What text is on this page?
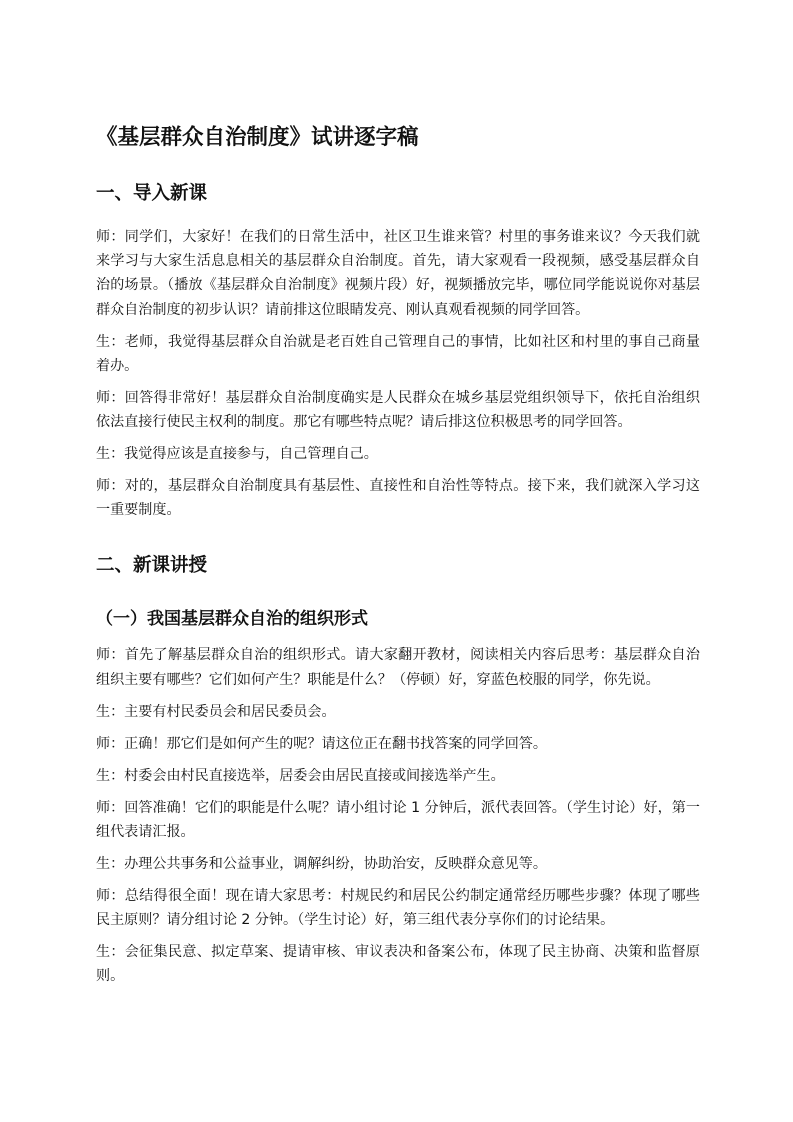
《基层群众自治制度》试讲逐字稿
一、导入新课
师：同学们，大家好！在我们的日常生活中，社区卫生谁来管？村里的事务谁来议？今天我们就来学习与大家生活息息相关的基层群众自治制度。首先，请大家观看一段视频，感受基层群众自治的场景。（播放《基层群众自治制度》视频片段）好，视频播放完毕，哪位同学能说说你对基层群众自治制度的初步认识？请前排这位眼睛发亮、刚认真观看视频的同学回答。
生：老师，我觉得基层群众自治就是老百姓自己管理自己的事情，比如社区和村里的事自己商量着办。
师：回答得非常好！基层群众自治制度确实是人民群众在城乡基层党组织领导下，依托自治组织依法直接行使民主权利的制度。那它有哪些特点呢？请后排这位积极思考的同学回答。
生：我觉得应该是直接参与，自己管理自己。
师：对的，基层群众自治制度具有基层性、直接性和自治性等特点。接下来，我们就深入学习这一重要制度。
二、新课讲授
（一）我国基层群众自治的组织形式
师：首先了解基层群众自治的组织形式。请大家翻开教材，阅读相关内容后思考：基层群众自治组织主要有哪些？它们如何产生？职能是什么？（停顿）好，穿蓝色校服的同学，你先说。
生：主要有村民委员会和居民委员会。
师：正确！那它们是如何产生的呢？请这位正在翻书找答案的同学回答。
生：村委会由村民直接选举，居委会由居民直接或间接选举产生。
师：回答准确！它们的职能是什么呢？请小组讨论 1 分钟后，派代表回答。（学生讨论）好，第一组代表请汇报。
生：办理公共事务和公益事业，调解纠纷，协助治安，反映群众意见等。
师：总结得很全面！现在请大家思考：村规民约和居民公约制定通常经历哪些步骤？体现了哪些民主原则？请分组讨论 2 分钟。（学生讨论）好，第三组代表分享你们的讨论结果。
生：会征集民意、拟定草案、提请审核、审议表决和备案公布，体现了民主协商、决策和监督原则。
